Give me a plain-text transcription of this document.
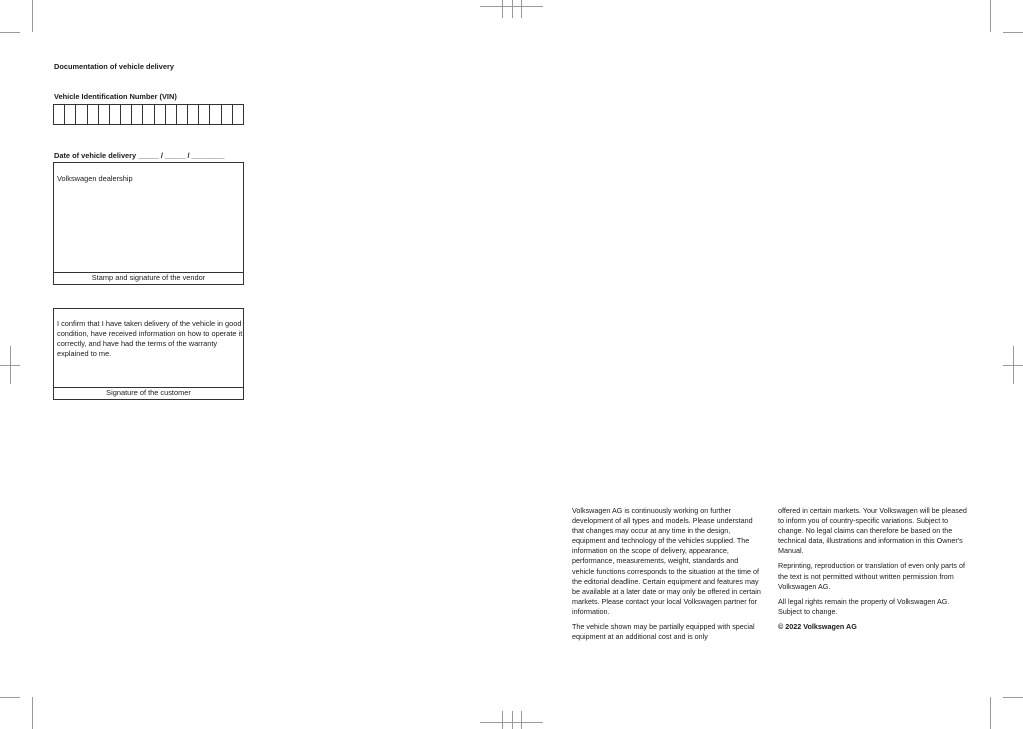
Documentation of vehicle delivery
Vehicle Identification Number (VIN)
Date of vehicle delivery _____ / _____ / ________
Volkswagen dealership
Stamp and signature of the vendor
I confirm that I have taken delivery of the vehicle in good condition, have received information on how to operate it correctly, and have had the terms of the warranty explained to me.
Signature of the customer

Volkswagen AG is continuously working on further development of all types and models. Please understand that changes may occur at any time in the design, equipment and technology of the vehicles supplied. The information on the scope of delivery, appearance, performance, measurements, weight, standards and vehicle functions corresponds to the situation at the time of the editorial deadline. Certain equipment and features may be available at a later date or may only be offered in certain markets. Please contact your local Volkswagen partner for information.

The vehicle shown may be partially equipped with special equipment at an additional cost and is only

offered in certain markets. Your Volkswagen will be pleased to inform you of country-specific variations. Subject to change. No legal claims can therefore be based on the technical data, illustrations and information in this Owner's Manual.

Reprinting, reproduction or translation of even only parts of the text is not permitted without written permission from Volkswagen AG.

All legal rights remain the property of Volkswagen AG. Subject to change.

© 2022 Volkswagen AG
